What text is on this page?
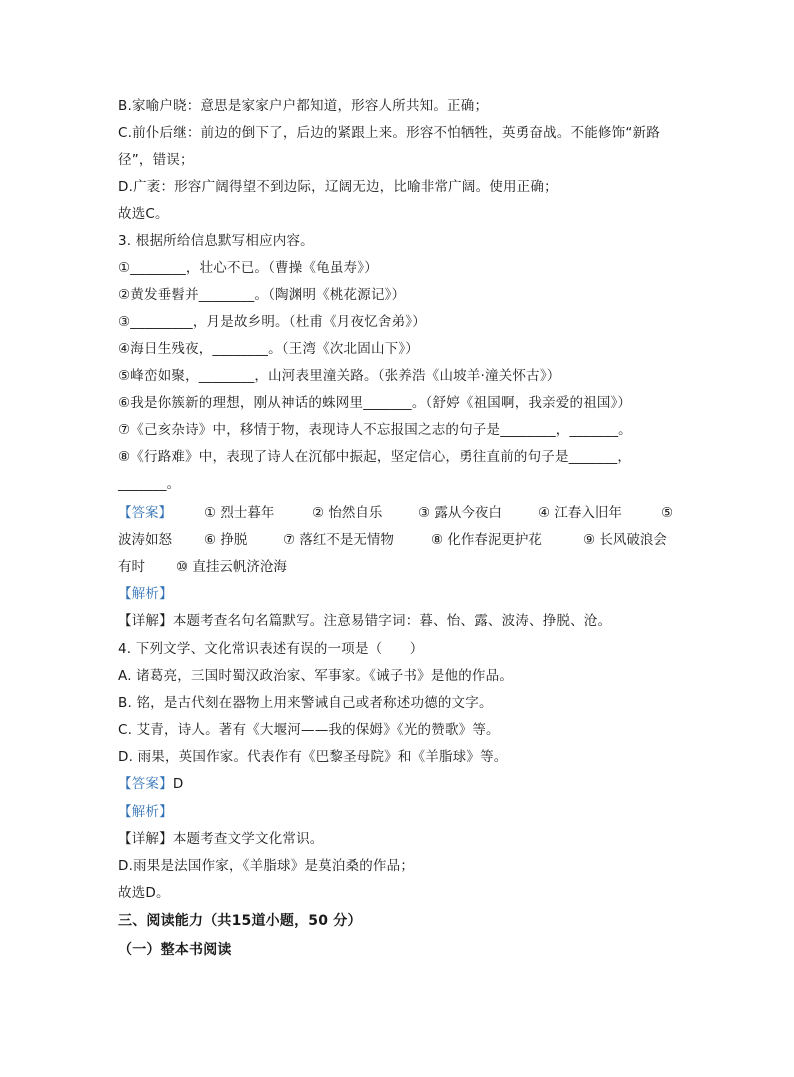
B.家喻户晓：意思是家家户户都知道，形容人所共知。正确；
C.前仆后继：前边的倒下了，后边的紧跟上来。形容不怕牺牲，英勇奋战。不能修饰“新路
径”，错误；
D.广袤：形容广阔得望不到边际，辽阔无边，比喻非常广阔。使用正确；
故选C。
3. 根据所给信息默写相应内容。
①________，壮心不已。（曹操《龟虽寿》）
②黄发垂髫并________。（陶渊明《桃花源记》）
③_________，月是故乡明。（杜甫《月夜忆舍弟》）
④海日生残夜，________。（王湾《次北固山下》）
⑤峰峦如聚，________，山河表里潼关路。（张养浩《山坡羊·潼关怀古》）
⑥我是你簇新的理想，刚从神话的蛛网里_______。（舒婷《祖国啊，我亲爱的祖国》）
⑦《己亥杂诗》中，移情于物，表现诗人不忘报国之志的句子是________，_______。
⑧《行路难》中，表现了诗人在沉郁中振起，坚定信心，勇往直前的句子是_______，
_______。
【答案】 ① 烈士暮年	② 怡然自乐	③ 露从今夜白	④ 江春入旧年	⑤
波涛如怒 ⑥ 挣脱	⑦ 落红不是无情物	⑧ 化作春泥更护花	⑨ 长风破浪会
有时 ⑩ 直挂云帆济沧海
【解析】
【详解】本题考查名句名篇默写。注意易错字词：暮、怡、露、波涛、挣脱、沧。
4. 下列文学、文化常识表述有误的一项是（　　）
A. 诸葛亮，三国时蜀汉政治家、军事家。《诫子书》是他的作品。
B. 铭，是古代刻在器物上用来警诫自己或者称述功德的文字。
C. 艾青，诗人。著有《大堰河——我的保姆》《光的赞歌》等。
D. 雨果，英国作家。代表作有《巴黎圣母院》和《羊脂球》等。
【答案】D
【解析】
【详解】本题考查文学文化常识。
D.雨果是法国作家，《羊脂球》是莫泊桑的作品；
故选D。
三、阅读能力（共15道小题，50 分）
（一）整本书阅读
